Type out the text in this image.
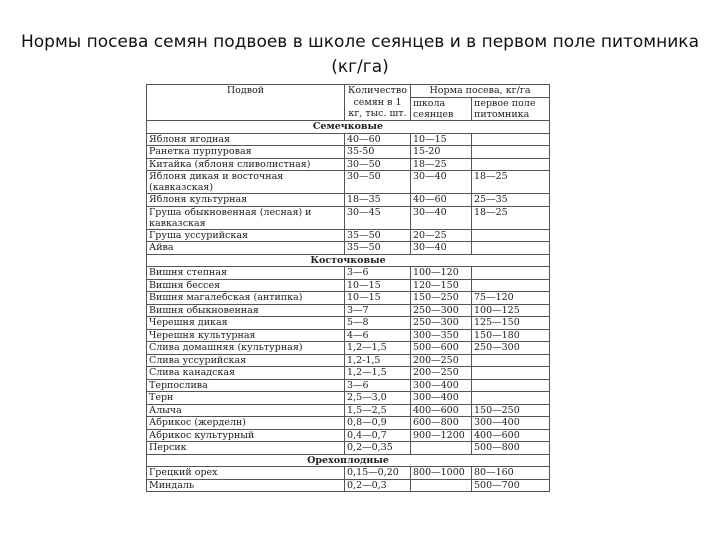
Нормы посева семян подвоев в школе сеянцев и в первом поле питомника (кг/га)
Подвой	Количество семян в 1 кг, тыс. шт.	Норма посева, кг/га	
		школа сеянцев	первое поле питомника

Семечковые			
Яблоня ягодная	40—60	10—15	
Ранетка пурпуровая	35-50	15-20	
Китайка (яблоня сливолистная)	30—50	18—25	
Яблоня дикая и восточная (кавказская)	30—50	30—40	18—25
Яблоня культурная	18—35	40—60	25—35
Груша обыкновенная (лесная) и кавказская	30—45	30—40	18—25
Груша уссурийская	35—50	20—25	
Айва	35—50	30—40	
Косточковые			
Вишня степная	3—6	100—120	
Вишня бессея	10—15	120—150	
Вишня магалебская (антипка)	10—15	150—250	75—120
Вишня обыкновенная	3—7	250—300	100—125
Черешня дикая	5—8	250—300	125—150
Черешня культурная	4—6	300—350	150—180
Слива домашняя (культурная)	1,2—1,5	500—600	250—300
Слива уссурийская	1,2-1,5	200—250	
Слива канадская	1,2—1,5	200—250	
Терпослива	3—6	300—400	
Терн	2,5—3,0	300—400	
Алыча	1,5—2,5	400—600	150—250
Абрикос (жерделн)	0,8—0,9	600—800	300—400
Абрикос культурный	0,4—0,7	900—1200	400—600
Персик	0,2—0,35		500—800
Орехоплодные			
Грецкий орех	0,15—0,20	800—1000	80—160
Миндаль	0,2—0,3		500—700
